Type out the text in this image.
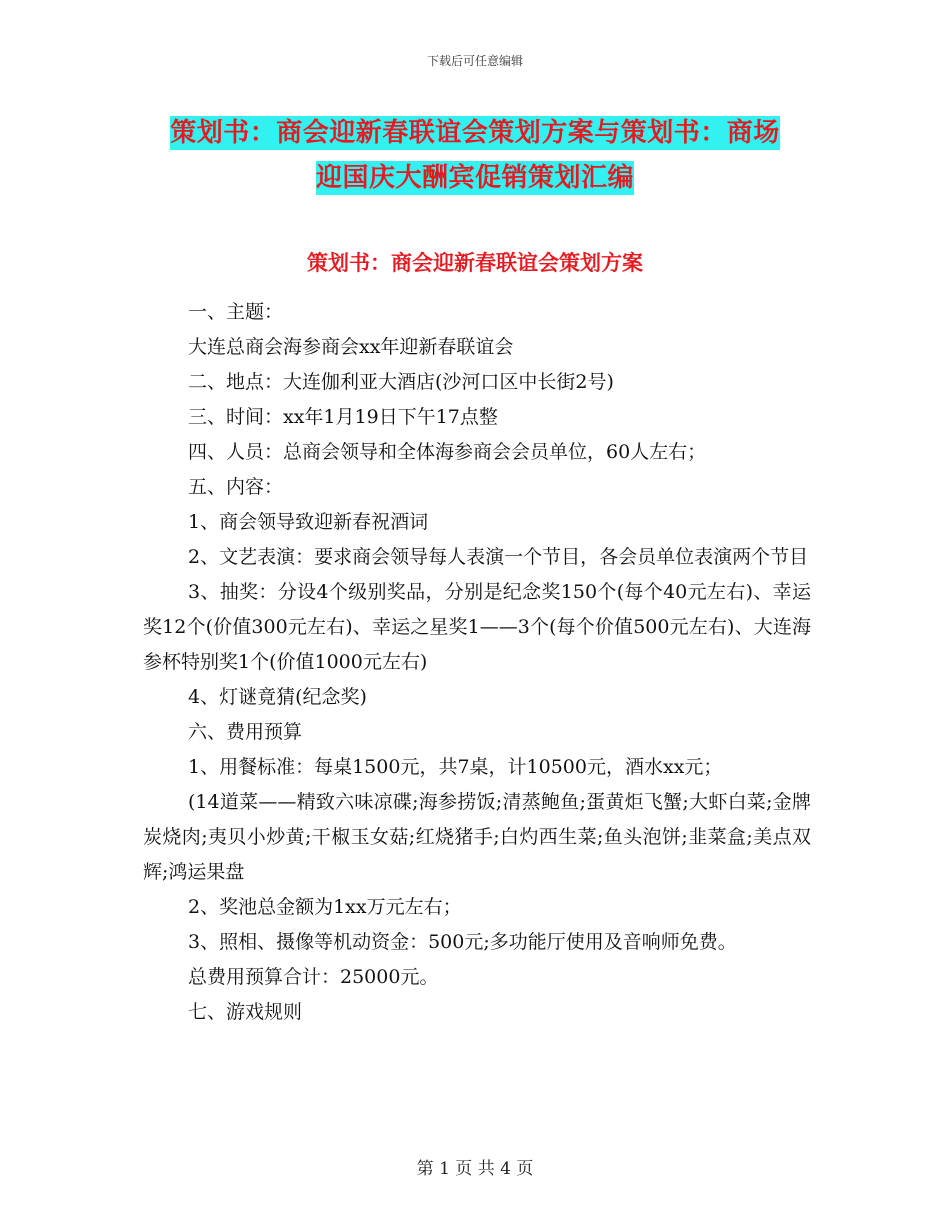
下载后可任意编辑
策划书：商会迎新春联谊会策划方案与策划书：商场
迎国庆大酬宾促销策划汇编
策划书：商会迎新春联谊会策划方案

一、主题：

大连总商会海参商会xx年迎新春联谊会

二、地点：大连伽利亚大酒店(沙河口区中长街2号)

三、时间：xx年1月19日下午17点整

四、人员：总商会领导和全体海参商会会员单位，60人左右；

五、内容：

1、商会领导致迎新春祝酒词

2、文艺表演：要求商会领导每人表演一个节目，各会员单位表演两个节目

3、抽奖：分设4个级别奖品，分别是纪念奖150个(每个40元左右)、幸运奖12个(价值300元左右)、幸运之星奖1——3个(每个价值500元左右)、大连海参杯特别奖1个(价值1000元左右)

4、灯谜竟猜(纪念奖)

六、费用预算

1、用餐标准：每桌1500元，共7桌，计10500元，酒水xx元；

(14道菜——精致六味凉碟;海参捞饭;清蒸鲍鱼;蛋黄炬飞蟹;大虾白菜;金牌炭烧肉;夷贝小炒黄;干椒玉女菇;红烧猪手;白灼西生菜;鱼头泡饼;韭菜盒;美点双辉;鸿运果盘

2、奖池总金额为1xx万元左右；

3、照相、摄像等机动资金：500元;多功能厅使用及音响师免费。

总费用预算合计：25000元。

七、游戏规则

第 1 页 共 4 页
